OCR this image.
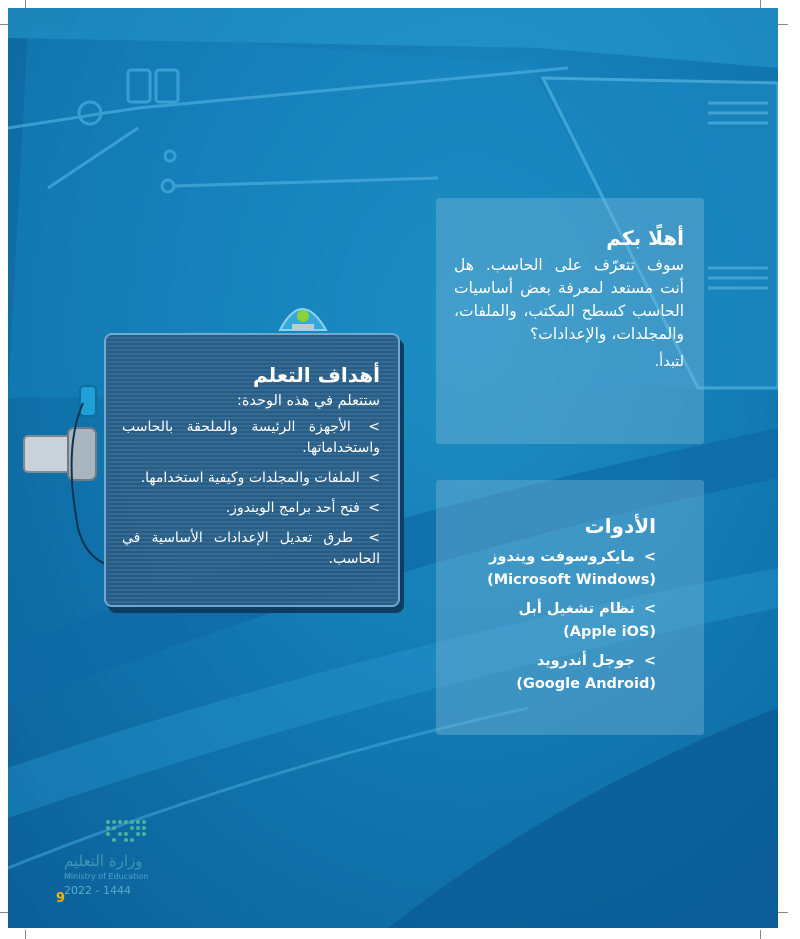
أهلًا بكم

سوف تتعرّف على الحاسب. هل أنت مستعد لمعرفة بعض أساسيات الحاسب كسطح المكتب، والملفات، والمجلدات، والإعدادات؟

لتبدأ.

أهداف التعلم

ستتعلم في هذه الوحدة:

> الأجهزة الرئيسة والملحقة بالحاسب واستخداماتها.
> الملفات والمجلدات وكيفية استخدامها.
> فتح أحد برامج الويندوز.
> طرق تعديل الإعدادات الأساسية في الحاسب.
الأدوات
> مايكروسوفت ويندوز
(Microsoft Windows)
> نظام تشغيل أبل
(Apple iOS)
> جوجل أندرويد
(Google Android)
وزارة التعليم
Ministry of Education
2022 - 1444
9
